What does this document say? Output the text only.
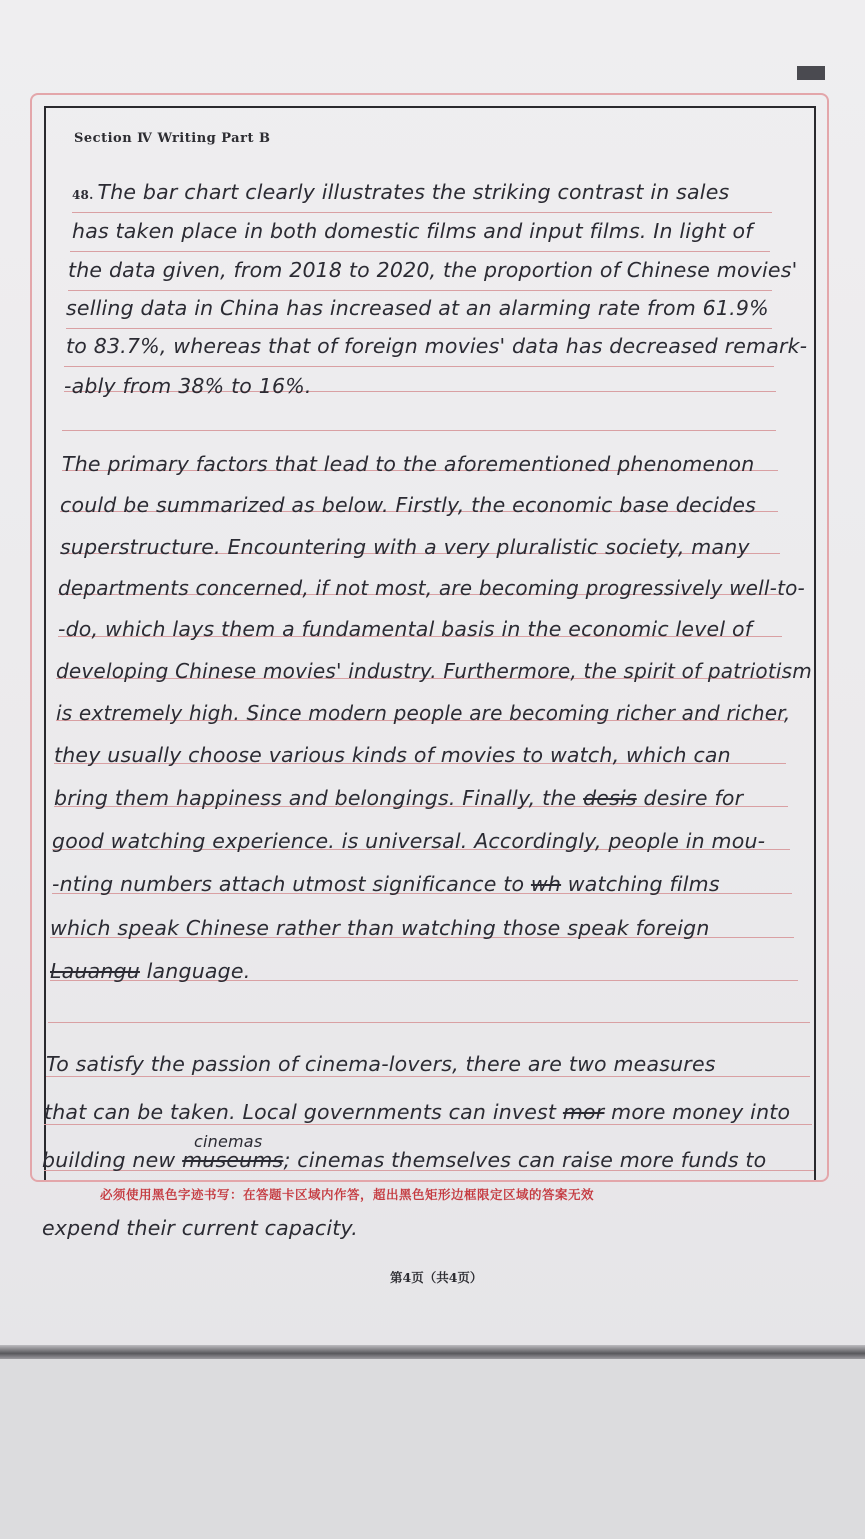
Section Ⅳ Writing Part B
48. The bar chart clearly illustrates the striking contrast in sales
has taken place in both domestic films and input films. In light of
the data given, from 2018 to 2020, the proportion of Chinese movies'
selling data in China has increased at an alarming rate from 61.9%
to 83.7%, whereas that of foreign movies' data has decreased remark-
-ably from 38% to 16%.
The primary factors that lead to the aforementioned phenomenon
could be summarized as below. Firstly, the economic base decides
superstructure. Encountering with a very pluralistic society, many
departments concerned, if not most, are becoming progressively well-to-
-do, which lays them a fundamental basis in the economic level of
developing Chinese movies' industry. Furthermore, the spirit of patriotism
is extremely high. Since modern people are becoming richer and richer,
they usually choose various kinds of movies to watch, which can
bring them happiness and belongings. Finally, the desis desire for
good watching experience. is universal. Accordingly, people in mou-
-nting numbers attach utmost significance to wh watching films
which speak Chinese rather than watching those speak foreign
Lauangu language.
To satisfy the passion of cinema-lovers, there are two measures
that can be taken. Local governments can invest mor more money into
cinemas
building new museums; cinemas themselves can raise more funds to
必须使用黑色字迹书写：在答题卡区域内作答，超出黑色矩形边框限定区域的答案无效
expend their current capacity.
第4页（共4页）
